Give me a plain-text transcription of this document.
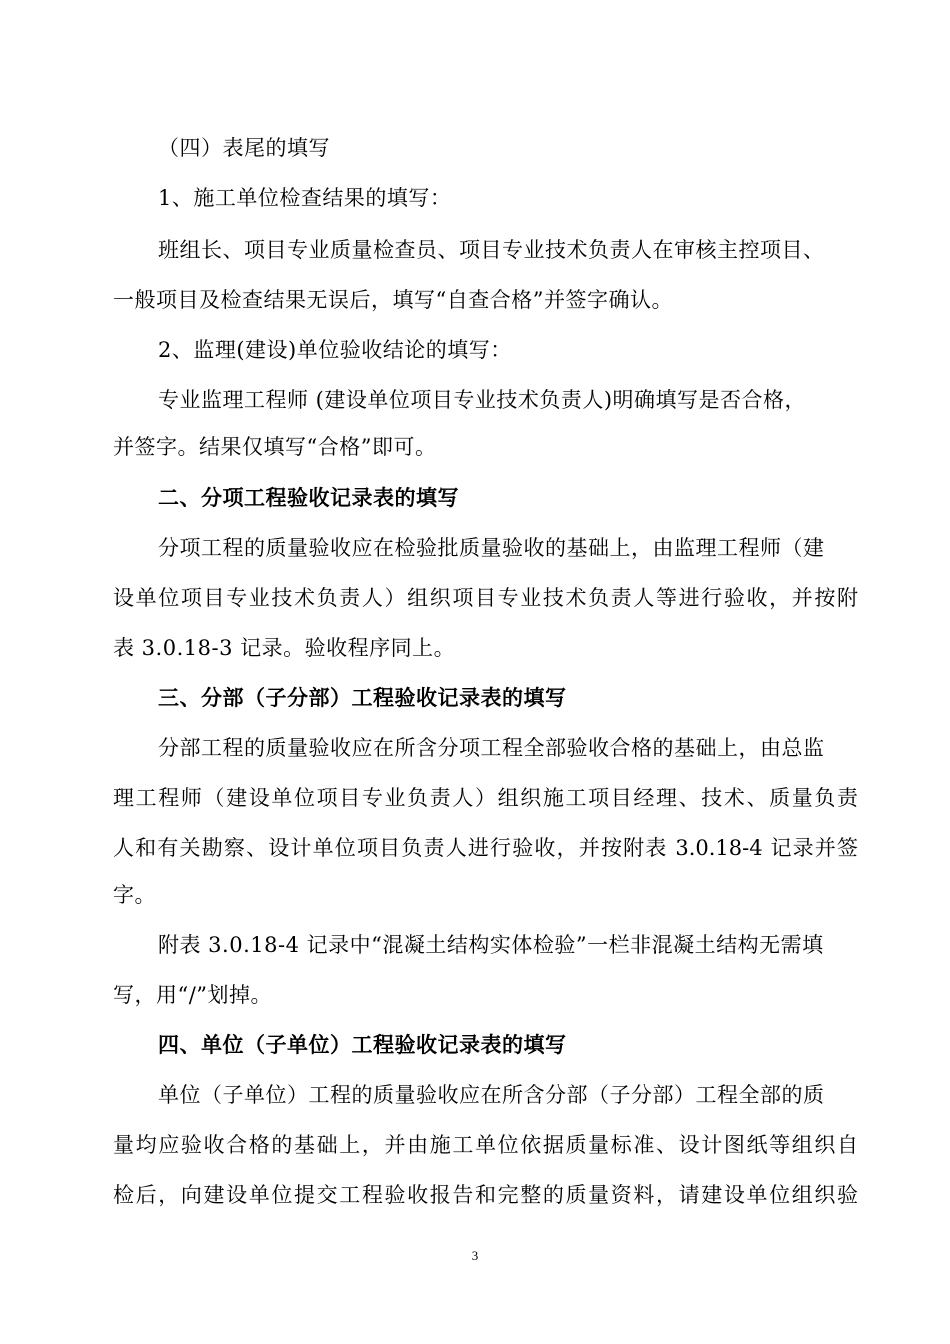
（四）表尾的填写
1、施工单位检查结果的填写：
班组长、项目专业质量检查员、项目专业技术负责人在审核主控项目、
一般项目及检查结果无误后，填写“自查合格”并签字确认。
2、监理(建设)单位验收结论的填写：
专业监理工程师 (建设单位项目专业技术负责人)明确填写是否合格，
并签字。结果仅填写“合格”即可。
二、分项工程验收记录表的填写
分项工程的质量验收应在检验批质量验收的基础上，由监理工程师（建
设单位项目专业技术负责人）组织项目专业技术负责人等进行验收，并按附
表 3.0.18-3 记录。验收程序同上。
三、分部（子分部）工程验收记录表的填写
分部工程的质量验收应在所含分项工程全部验收合格的基础上，由总监
理工程师（建设单位项目专业负责人）组织施工项目经理、技术、质量负责
人和有关勘察、设计单位项目负责人进行验收，并按附表 3.0.18-4 记录并签
字。
附表 3.0.18-4 记录中“混凝土结构实体检验”一栏非混凝土结构无需填
写，用“/”划掉。
四、单位（子单位）工程验收记录表的填写
单位（子单位）工程的质量验收应在所含分部（子分部）工程全部的质
量均应验收合格的基础上，并由施工单位依据质量标准、设计图纸等组织自
检后，向建设单位提交工程验收报告和完整的质量资料，请建设单位组织验
3
